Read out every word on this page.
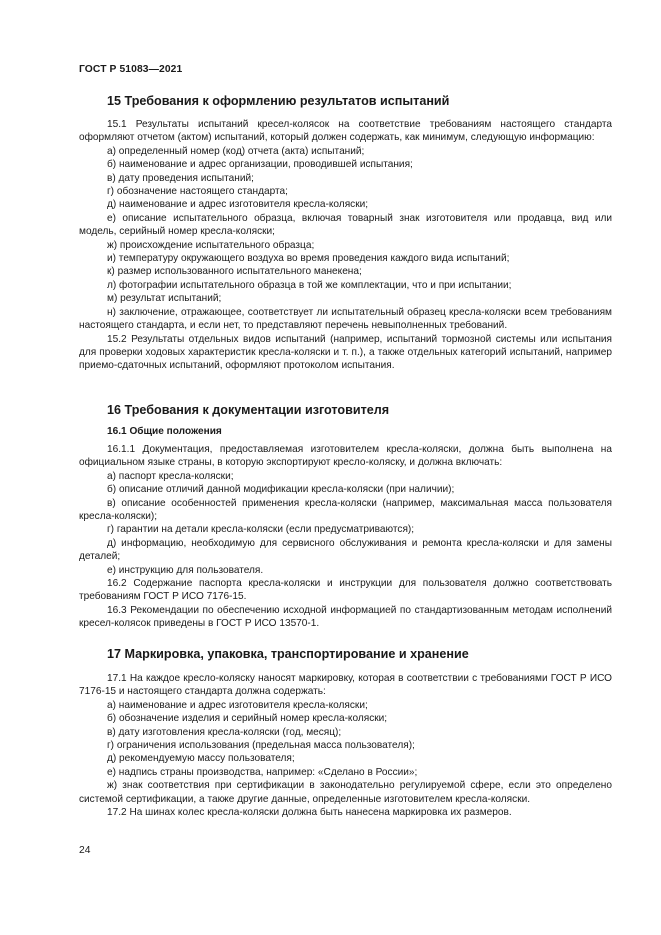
ГОСТ Р 51083—2021
15 Требования к оформлению результатов испытаний

15.1 Результаты испытаний кресел-колясок на соответствие требованиям настоящего стандарта оформляют отчетом (актом) испытаний, который должен содержать, как минимум, следующую информацию:

а) определенный номер (код) отчета (акта) испытаний;

б) наименование и адрес организации, проводившей испытания;

в) дату проведения испытаний;

г) обозначение настоящего стандарта;

д) наименование и адрес изготовителя кресла-коляски;

е) описание испытательного образца, включая товарный знак изготовителя или продавца, вид или модель, серийный номер кресла-коляски;

ж) происхождение испытательного образца;

и) температуру окружающего воздуха во время проведения каждого вида испытаний;

к) размер использованного испытательного манекена;

л) фотографии испытательного образца в той же комплектации, что и при испытании;

м) результат испытаний;

н) заключение, отражающее, соответствует ли испытательный образец кресла-коляски всем требованиям настоящего стандарта, и если нет, то представляют перечень невыполненных требований.

15.2 Результаты отдельных видов испытаний (например, испытаний тормозной системы или испытания для проверки ходовых характеристик кресла-коляски и т. п.), а также отдельных категорий испытаний, например приемо-сдаточных испытаний, оформляют протоколом испытания.

16 Требования к документации изготовителя
16.1 Общие положения

16.1.1 Документация, предоставляемая изготовителем кресла-коляски, должна быть выполнена на официальном языке страны, в которую экспортируют кресло-коляску, и должна включать:

а) паспорт кресла-коляски;

б) описание отличий данной модификации кресла-коляски (при наличии);

в) описание особенностей применения кресла-коляски (например, максимальная масса пользователя кресла-коляски);

г) гарантии на детали кресла-коляски (если предусматриваются);

д) информацию, необходимую для сервисного обслуживания и ремонта кресла-коляски и для замены деталей;

е) инструкцию для пользователя.

16.2 Содержание паспорта кресла-коляски и инструкции для пользователя должно соответствовать требованиям ГОСТ Р ИСО 7176-15.

16.3 Рекомендации по обеспечению исходной информацией по стандартизованным методам исполнений кресел-колясок приведены в ГОСТ Р ИСО 13570-1.

17 Маркировка, упаковка, транспортирование и хранение

17.1 На каждое кресло-коляску наносят маркировку, которая в соответствии с требованиями ГОСТ Р ИСО 7176-15 и настоящего стандарта должна содержать:

а) наименование и адрес изготовителя кресла-коляски;

б) обозначение изделия и серийный номер кресла-коляски;

в) дату изготовления кресла-коляски (год, месяц);

г) ограничения использования (предельная масса пользователя);

д) рекомендуемую массу пользователя;

е) надпись страны производства, например: «Сделано в России»;

ж) знак соответствия при сертификации в законодательно регулируемой сфере, если это определено системой сертификации, а также другие данные, определенные изготовителем кресла-коляски.

17.2 На шинах колес кресла-коляски должна быть нанесена маркировка их размеров.

24
